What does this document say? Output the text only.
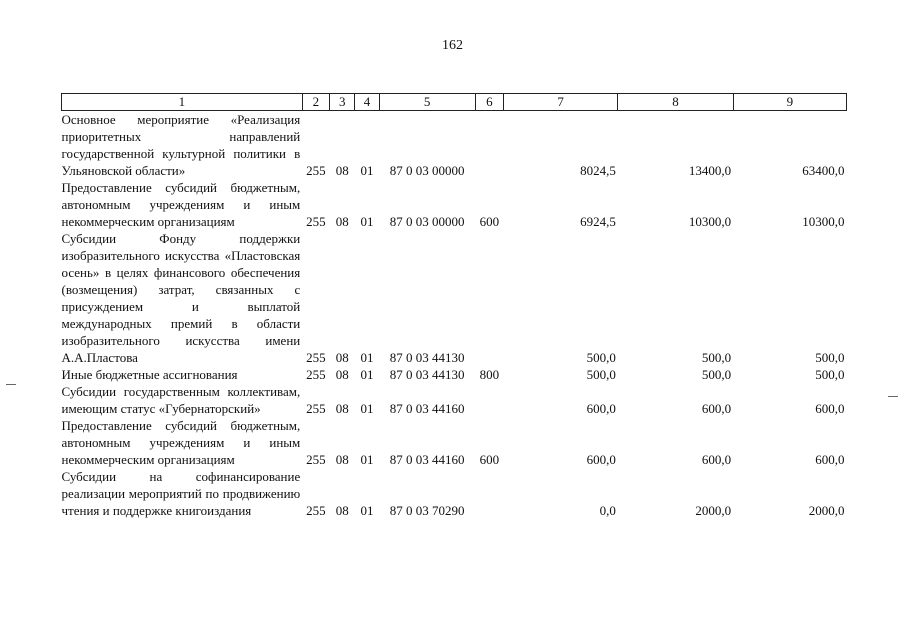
162
1	2	3	4	5	6	7	8	9
Основное мероприятие «Реализация приоритетных направлений государственной культурной политики в Ульяновской области»	255	08	01	87 0 03 00000		8024,5	13400,0	63400,0
Предоставление субсидий бюджетным, автономным учреждениям и иным некоммерческим организациям	255	08	01	87 0 03 00000	600	6924,5	10300,0	10300,0
Субсидии Фонду поддержки изобразительного искусства «Пластовская осень» в целях финансового обеспечения (возмещения) затрат, связанных с присуждением и выплатой международных премий в области изобразительного искусства имени А.А.Пластова	255	08	01	87 0 03 44130		500,0	500,0	500,0
Иные бюджетные ассигнования	255	08	01	87 0 03 44130	800	500,0	500,0	500,0
Субсидии государственным коллективам, имеющим статус «Губернаторский»	255	08	01	87 0 03 44160		600,0	600,0	600,0
Предоставление субсидий бюджетным, автономным учреждениям и иным некоммерческим организациям	255	08	01	87 0 03 44160	600	600,0	600,0	600,0
Субсидии на софинансирование реализации мероприятий по продвижению чтения и поддержке книгоиздания	255	08	01	87 0 03 70290		0,0	2000,0	2000,0
